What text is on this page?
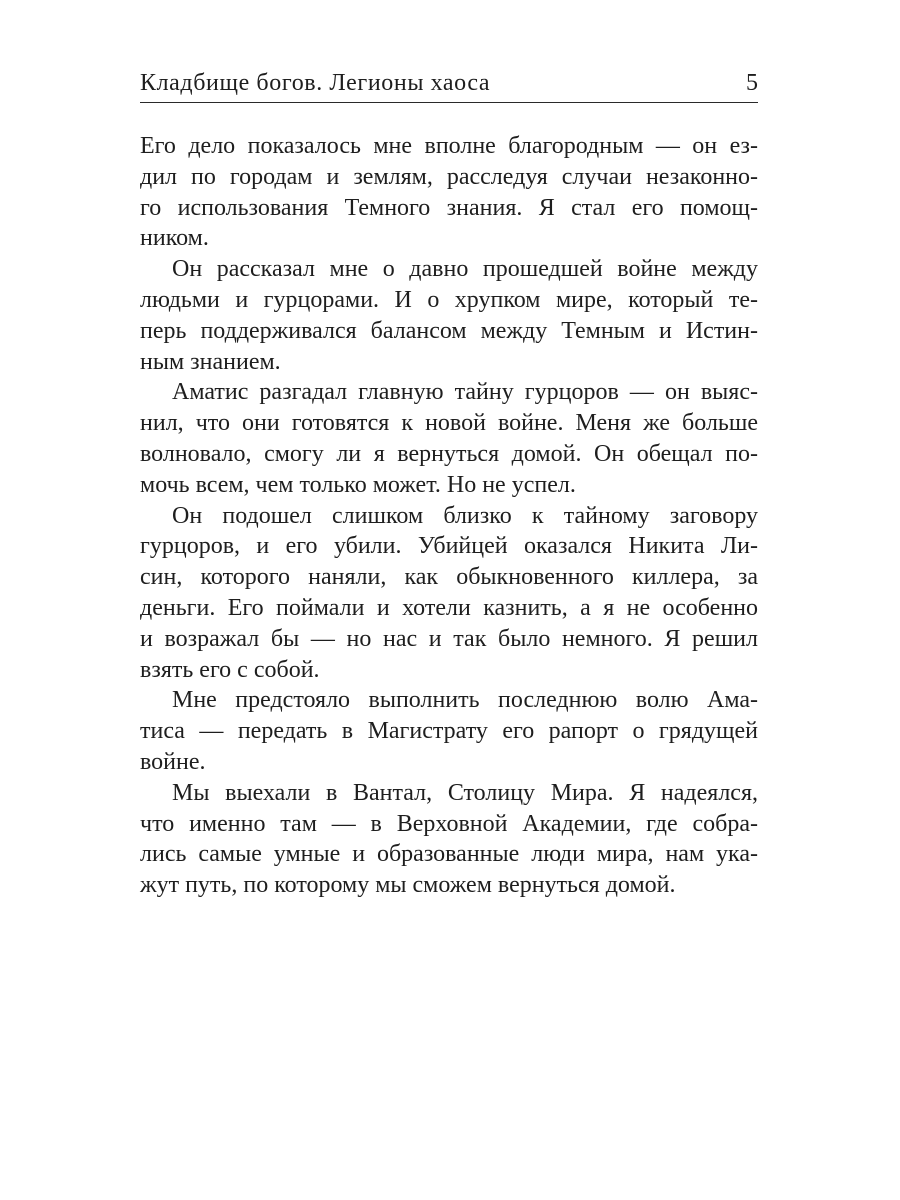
Кладбище богов. Легионы хаоса	5
Его дело показалось мне вполне благородным — он ез-
дил по городам и землям, расследуя случаи незаконно-
го использования Темного знания. Я стал его помощ-
ником.
Он рассказал мне о давно прошедшей войне между
людьми и гурцорами. И о хрупком мире, который те-
перь поддерживался балансом между Темным и Истин-
ным знанием.
Аматис разгадал главную тайну гурцоров — он выяс-
нил, что они готовятся к новой войне. Меня же больше
волновало, смогу ли я вернуться домой. Он обещал по-
мочь всем, чем только может. Но не успел.
Он подошел слишком близко к тайному заговору
гурцоров, и его убили. Убийцей оказался Никита Ли-
син, которого наняли, как обыкновенного киллера, за
деньги. Его поймали и хотели казнить, а я не особенно
и возражал бы — но нас и так было немного. Я решил
взять его с собой.
Мне предстояло выполнить последнюю волю Ама-
тиса — передать в Магистрату его рапорт о грядущей
войне.
Мы выехали в Вантал, Столицу Мира. Я надеялся,
что именно там — в Верховной Академии, где собра-
лись самые умные и образованные люди мира, нам ука-
жут путь, по которому мы сможем вернуться домой.
